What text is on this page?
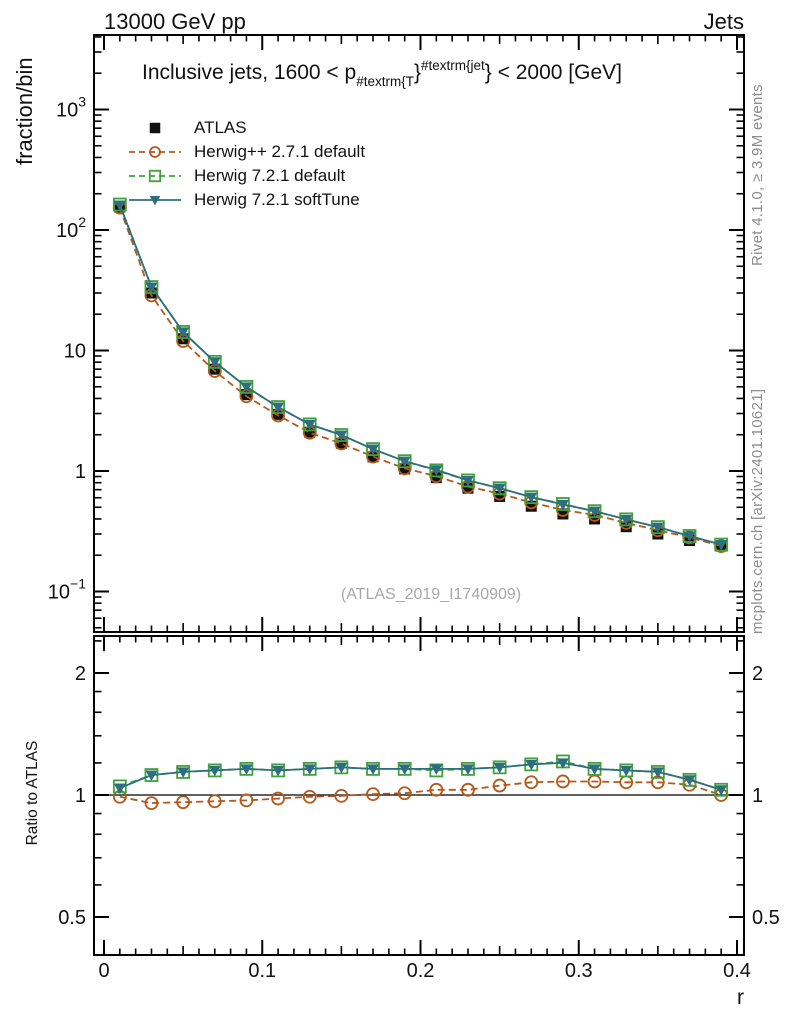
$10^3$
$10^2$
10
1
$10^{-1}$
2	2
1	1
0.5	0.5
0	0.1	0.2	0.3	0.4
13000 GeV pp	Jets
Inclusive jets, $1600 < p_{\#textrm\{T}\}^{\#textrm\{jet}\} < 2000$ [GeV]
ATLAS
Herwig++ 2.7.1 default
Herwig 7.2.1 default
Herwig 7.2.1 softTune
fraction/bin
Ratio to ATLAS
r
(ATLAS_2019_I1740909)
Rivet 4.1.0, ≥ 3.9M events
mcplots.cern.ch [arXiv:2401.10621]
